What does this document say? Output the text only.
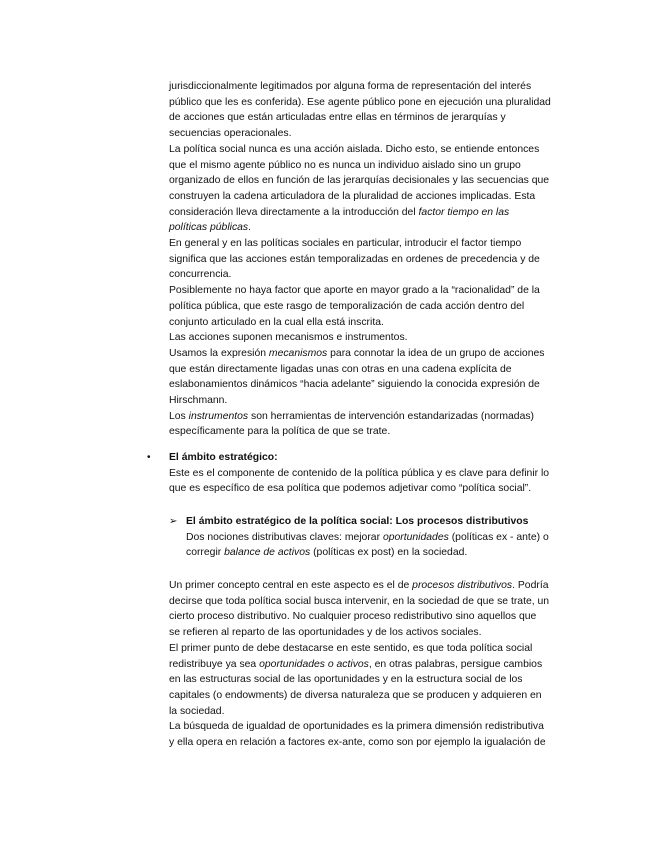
jurisdiccionalmente legitimados por alguna forma de representación del interés
público que les es conferida). Ese agente público pone en ejecución una pluralidad
de acciones que están articuladas entre ellas en términos de jerarquías y
secuencias operacionales.
La política social nunca es una acción aislada. Dicho esto, se entiende entonces
que el mismo agente público no es nunca un individuo aislado sino un grupo
organizado de ellos en función de las jerarquías decisionales y las secuencias que
construyen la cadena articuladora de la pluralidad de acciones implicadas. Esta
consideración lleva directamente a la introducción del factor tiempo en las
políticas públicas.
En general y en las políticas sociales en particular, introducir el factor tiempo
significa que las acciones están temporalizadas en ordenes de precedencia y de
concurrencia.
Posiblemente no haya factor que aporte en mayor grado a la “racionalidad” de la
política pública, que este rasgo de temporalización de cada acción dentro del
conjunto articulado en la cual ella está inscrita.
Las acciones suponen mecanismos e instrumentos.
Usamos la expresión mecanismos para connotar la idea de un grupo de acciones
que están directamente ligadas unas con otras en una cadena explícita de
eslabonamientos dinámicos “hacia adelante” siguiendo la conocida expresión de
Hirschmann.
Los instrumentos son herramientas de intervención estandarizadas (normadas)
específicamente para la política de que se trate.
• El ámbito estratégico:
Este es el componente de contenido de la política pública y es clave para definir lo
que es específico de esa política que podemos adjetivar como “política social”.
➢ El ámbito estratégico de la política social: Los procesos distributivos
Dos nociones distributivas claves: mejorar oportunidades (políticas ex - ante) o
corregir balance de activos (políticas ex post) en la sociedad.
Un primer concepto central en este aspecto es el de procesos distributivos. Podría
decirse que toda política social busca intervenir, en la sociedad de que se trate, un
cierto proceso distributivo. No cualquier proceso redistributivo sino aquellos que
se refieren al reparto de las oportunidades y de los activos sociales.
El primer punto de debe destacarse en este sentido, es que toda política social
redistribuye ya sea oportunidades o activos, en otras palabras, persigue cambios
en las estructuras social de las oportunidades y en la estructura social de los
capitales (o endowments) de diversa naturaleza que se producen y adquieren en
la sociedad.
La búsqueda de igualdad de oportunidades es la primera dimensión redistributiva
y ella opera en relación a factores ex-ante, como son por ejemplo la igualación de
